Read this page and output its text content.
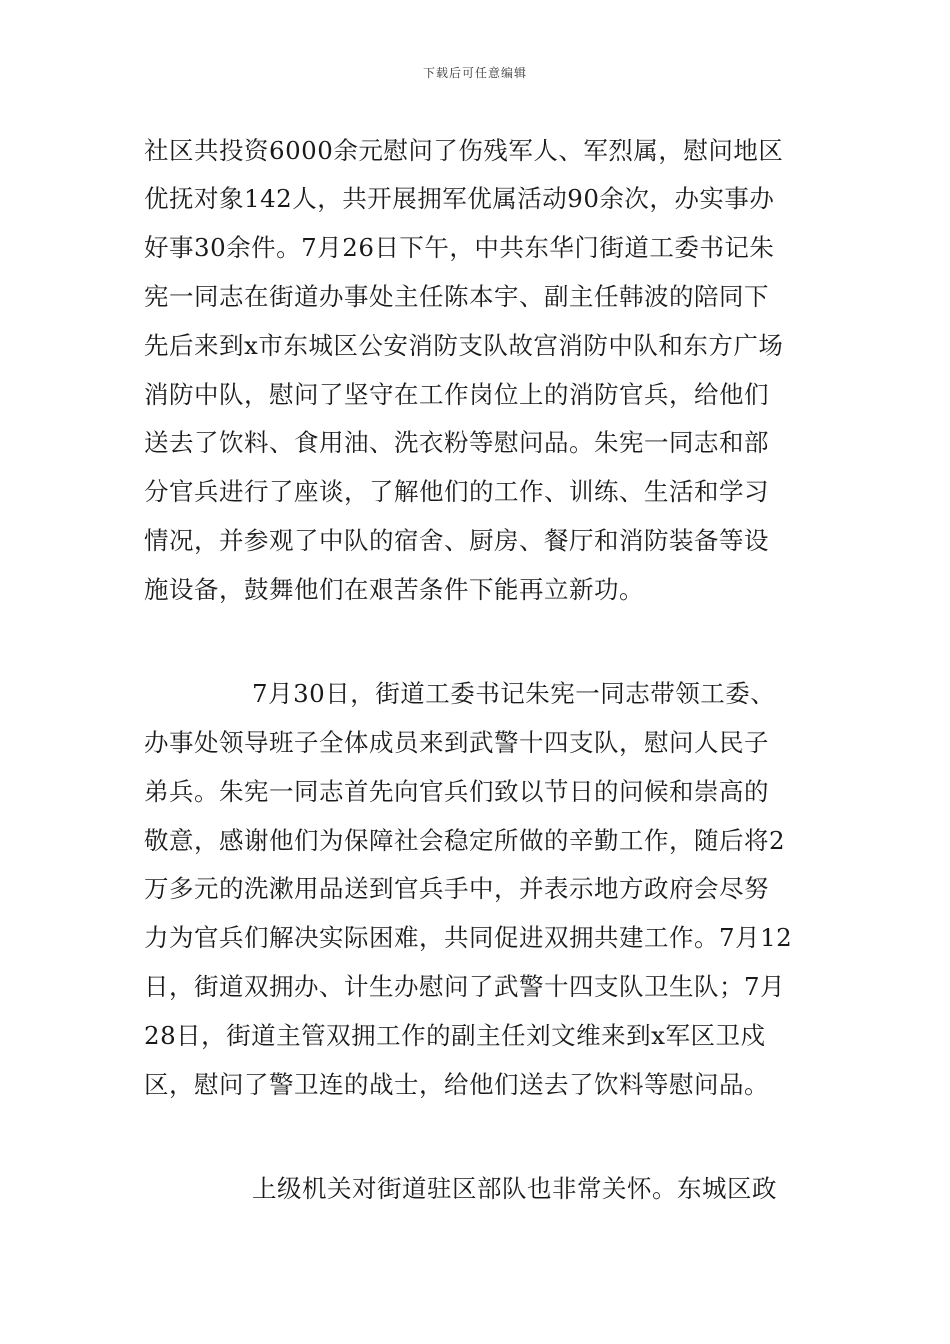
下载后可任意编辑
社区共投资6000余元慰问了伤残军人、军烈属，慰问地区
优抚对象142人，共开展拥军优属活动90余次，办实事办
好事30余件。7月26日下午，中共东华门街道工委书记朱
宪一同志在街道办事处主任陈本宇、副主任韩波的陪同下
先后来到x市东城区公安消防支队故宫消防中队和东方广场
消防中队，慰问了坚守在工作岗位上的消防官兵，给他们
送去了饮料、食用油、洗衣粉等慰问品。朱宪一同志和部
分官兵进行了座谈，了解他们的工作、训练、生活和学习
情况，并参观了中队的宿舍、厨房、餐厅和消防装备等设
施设备，鼓舞他们在艰苦条件下能再立新功。
7月30日，街道工委书记朱宪一同志带领工委、
办事处领导班子全体成员来到武警十四支队，慰问人民子
弟兵。朱宪一同志首先向官兵们致以节日的问候和崇高的
敬意，感谢他们为保障社会稳定所做的辛勤工作，随后将2
万多元的洗漱用品送到官兵手中，并表示地方政府会尽努
力为官兵们解决实际困难，共同促进双拥共建工作。7月12
日，街道双拥办、计生办慰问了武警十四支队卫生队；7月
28日，街道主管双拥工作的副主任刘文维来到x军区卫戍
区，慰问了警卫连的战士，给他们送去了饮料等慰问品。
上级机关对街道驻区部队也非常关怀。东城区政
